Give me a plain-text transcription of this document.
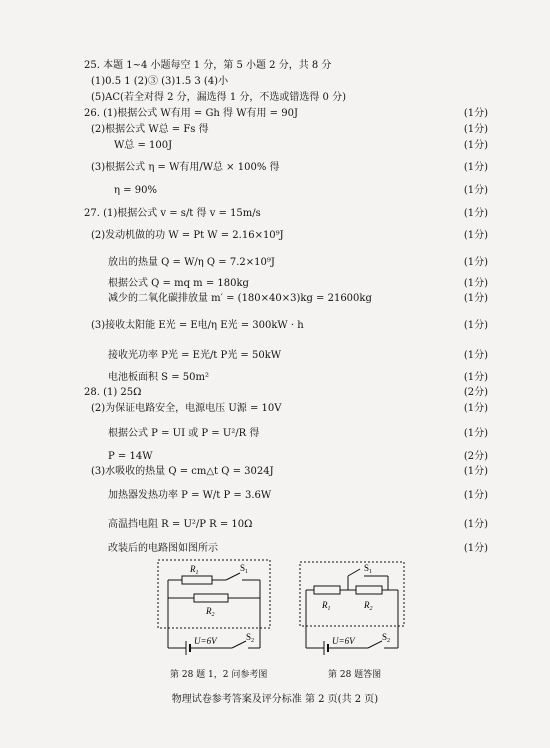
25. 本题 1~4 小题每空 1 分，第 5 小题 2 分，共 8 分
(1)0.5 1 (2)③ (3)1.5 3 (4)小
(5)AC(若全对得 2 分，漏选得 1 分，不选或错选得 0 分)
26. (1)根据公式 W有用 = Gh 得 W有用 = 90J	(1分)
(2)根据公式 W总 = Fs 得	(1分)
W总 = 100J	(1分)
(3)根据公式 η = W有用/W总 × 100% 得	(1分)
η = 90%	(1分)
27. (1)根据公式 v = s/t 得 v = 15m/s	(1分)
(2)发动机做的功 W = Pt W = 2.16×10⁹J	(1分)
放出的热量 Q = W/η Q = 7.2×10⁹J	(1分)
根据公式 Q = mq m = 180kg	(1分)
减少的二氧化碳排放量 m′ = (180×40×3)kg = 21600kg	(1分)
(3)接收太阳能 E光 = E电/η E光 = 300kW · h	(1分)
接收光功率 P光 = E光/t P光 = 50kW	(1分)
电池板面积 S = 50m²	(1分)
28. (1) 25Ω	(2分)
(2)为保证电路安全，电源电压 U源 = 10V	(1分)
根据公式 P = UI 或 P = U²/R 得	(1分)
P = 14W	(2分)
(3)水吸收的热量 Q = cm△t Q = 3024J	(1分)
加热器发热功率 P = W/t P = 3.6W	(1分)
高温挡电阻 R = U²/P R = 10Ω	(1分)
改装后的电路图如图所示	(1分)
$R_1$	$S_1$
$R_2$
U=6V	$S_2$
第 28 题 1，2 问参考图
$S_1$
$R_1$	$R_2$
U=6V	$S_2$
第 28 题答图
物理试卷参考答案及评分标准 第 2 页(共 2 页)
